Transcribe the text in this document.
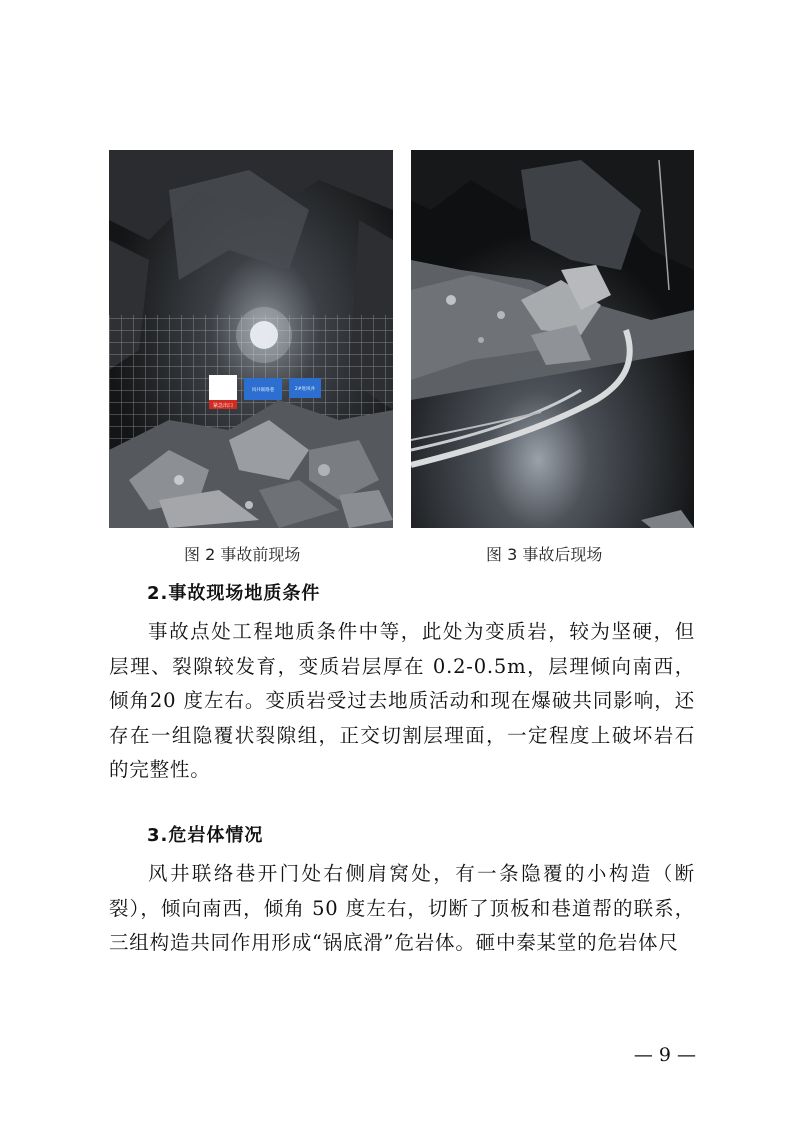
紧急出口
风井联络巷	2#进风井
图 2 事故前现场	图 3 事故后现场
2.事故现场地质条件
事故点处工程地质条件中等，此处为变质岩，较为坚硬，但层理、裂隙较发育，变质岩层厚在 0.2-0.5m，层理倾向南西，倾角20 度左右。变质岩受过去地质活动和现在爆破共同影响，还存在一组隐覆状裂隙组，正交切割层理面，一定程度上破坏岩石的完整性。
3.危岩体情况
风井联络巷开门处右侧肩窝处，有一条隐覆的小构造（断裂），倾向南西，倾角 50 度左右，切断了顶板和巷道帮的联系，三组构造共同作用形成“锅底滑”危岩体。砸中秦某堂的危岩体尺
— 9 —
